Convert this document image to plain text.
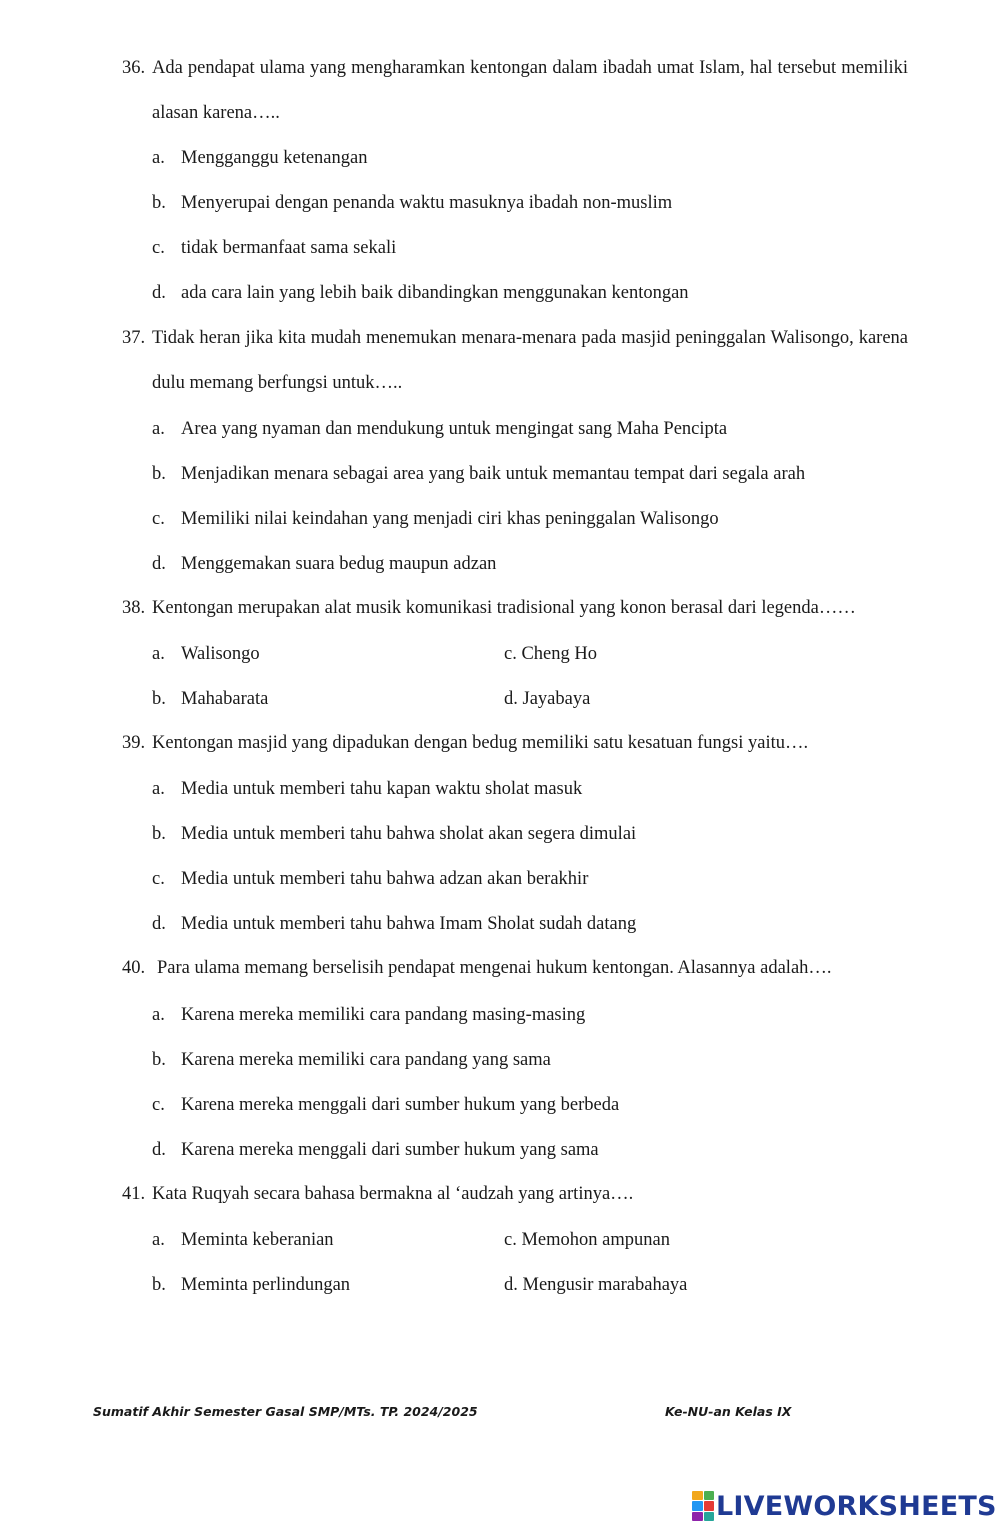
36. Ada pendapat ulama yang mengharamkan kentongan dalam ibadah umat Islam, hal tersebut memiliki alasan karena…..
a. Mengganggu ketenangan
b. Menyerupai dengan penanda waktu masuknya ibadah non-muslim
c. tidak bermanfaat sama sekali
d. ada cara lain yang lebih baik dibandingkan menggunakan kentongan
37. Tidak heran jika kita mudah menemukan menara-menara pada masjid peninggalan Walisongo, karena dulu memang berfungsi untuk…..
a. Area yang nyaman dan mendukung untuk mengingat sang Maha Pencipta
b. Menjadikan menara sebagai area yang baik untuk memantau tempat dari segala arah
c. Memiliki nilai keindahan yang menjadi ciri khas peninggalan Walisongo
d. Menggemakan suara bedug maupun adzan
38. Kentongan merupakan alat musik komunikasi tradisional yang konon berasal dari legenda……
a. Walisongo	c. Cheng Ho
b. Mahabarata	d. Jayabaya
39. Kentongan masjid yang dipadukan dengan bedug memiliki satu kesatuan fungsi yaitu….
a. Media untuk memberi tahu kapan waktu sholat masuk
b. Media untuk memberi tahu bahwa sholat akan segera dimulai
c. Media untuk memberi tahu bahwa adzan akan berakhir
d. Media untuk memberi tahu bahwa Imam Sholat sudah datang
40. Para ulama memang berselisih pendapat mengenai hukum kentongan. Alasannya adalah….
a. Karena mereka memiliki cara pandang masing-masing
b. Karena mereka memiliki cara pandang yang sama
c. Karena mereka menggali dari sumber hukum yang berbeda
d. Karena mereka menggali dari sumber hukum yang sama
41. Kata Ruqyah secara bahasa bermakna al ‘audzah yang artinya….
a. Meminta keberanian	c. Memohon ampunan
b. Meminta perlindungan	d. Mengusir marabahaya
Sumatif Akhir Semester Gasal SMP/MTs. TP. 2024/2025	Ke-NU-an Kelas IX
LIVEWORKSHEETS
